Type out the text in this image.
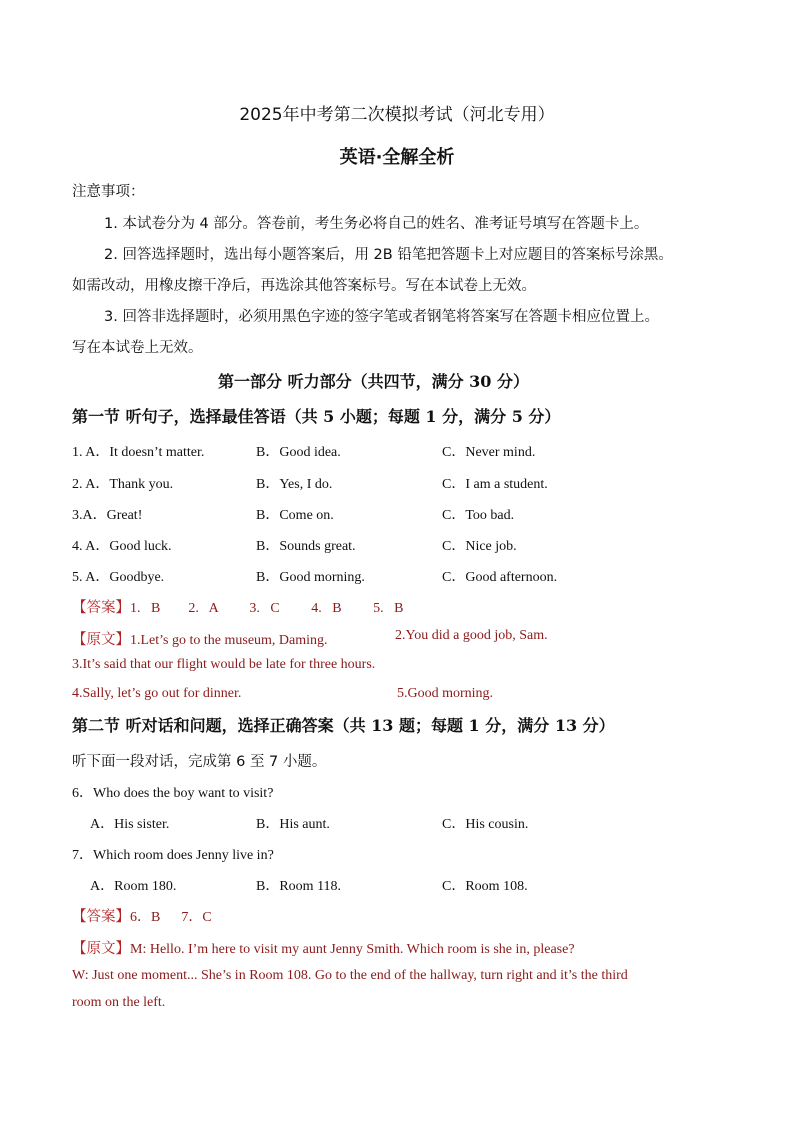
2025年中考第二次模拟考试（河北专用）
英语·全解全析
注意事项：
1. 本试卷分为 4 部分。答卷前，考生务必将自己的姓名、准考证号填写在答题卡上。
2. 回答选择题时，选出每小题答案后，用 2B 铅笔把答题卡上对应题目的答案标号涂黑。
如需改动，用橡皮擦干净后，再选涂其他答案标号。写在本试卷上无效。
3. 回答非选择题时，必须用黑色字迹的签字笔或者钢笔将答案写在答题卡相应位置上。
写在本试卷上无效。
第一部分 听力部分（共四节，满分 30 分）
第一节 听句子，选择最佳答语（共 5 小题；每题 1 分，满分 5 分）
1. A．It doesn’t matter.	B．Good idea.	C．Never mind.
2. A．Thank you.	B．Yes, I do.	C．I am a student.
3.A．Great!	B．Come on.	C．Too bad.
4. A．Good luck.	B．Sounds great.	C．Nice job.
5. A．Goodbye.	B．Good morning.	C．Good afternoon.
【答案】1.   B        2.   A         3.   C         4.   B         5.   B
【原文】1.Let’s go to the museum, Daming.	2.You did a good job, Sam.
3.It’s said that our flight would be late for three hours.
4.Sally, let’s go out for dinner.	5.Good morning.
第二节 听对话和问题，选择正确答案（共 13 题；每题 1 分，满分 13 分）
听下面一段对话，完成第 6 至 7 小题。
6．Who does the boy want to visit?
A．His sister.	B．His aunt.	C．His cousin.
7．Which room does Jenny live in?
A．Room 180.	B．Room 118.	C．Room 108.
【答案】6．B      7．C
【原文】M: Hello. I’m here to visit my aunt Jenny Smith. Which room is she in, please?
W: Just one moment... She’s in Room 108. Go to the end of the hallway, turn right and it’s the third
room on the left.
